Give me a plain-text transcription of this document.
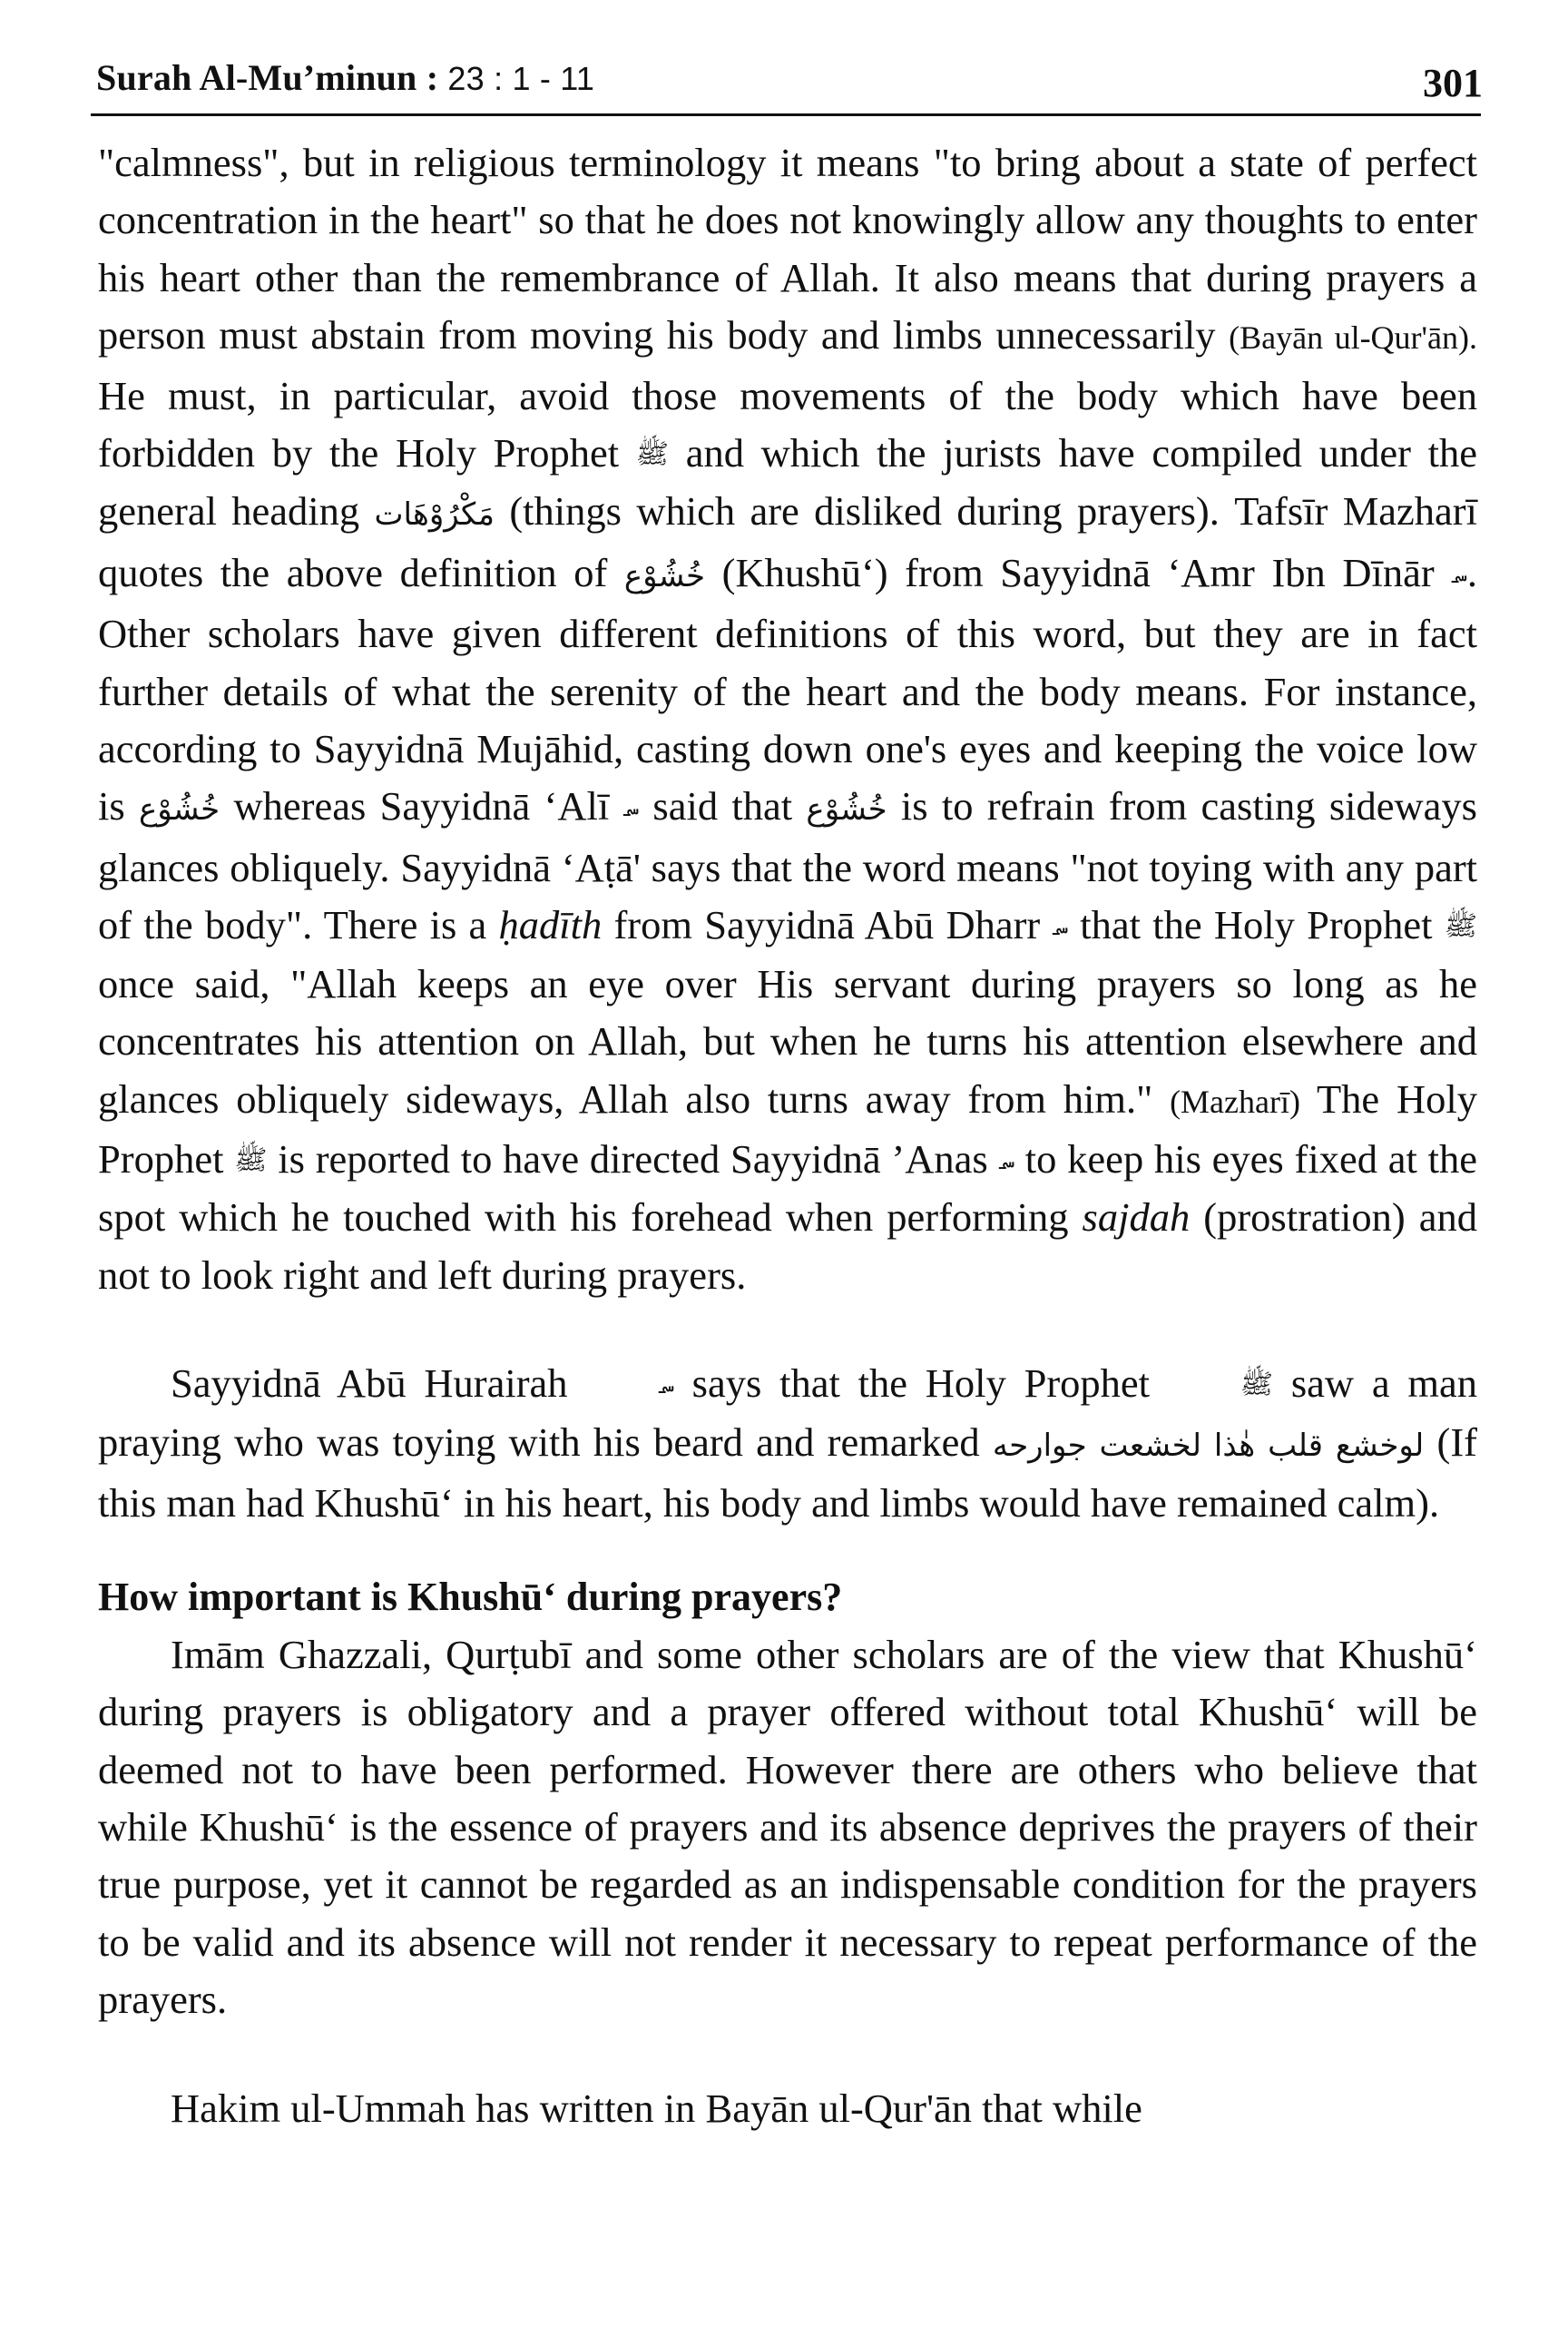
Surah Al-Mu’minun : 23 : 1 - 11	301

"calmness", but in religious terminology it means "to bring about a state of perfect concentration in the heart" so that he does not knowingly allow any thoughts to enter his heart other than the remembrance of Allah. It also means that during prayers a person must abstain from moving his body and limbs unnecessarily (Bayān ul-Qur'ān). He must, in particular, avoid those movements of the body which have been forbidden by the Holy Prophet ﷺ and which the jurists have compiled under the general heading مَكْرُوْهَات (things which are disliked during prayers). Tafsīr Mazharī quotes the above definition of خُشُوْع (Khushū‘) from Sayyidnā ‘Amr Ibn Dīnār ؄. Other scholars have given different definitions of this word, but they are in fact further details of what the serenity of the heart and the body means. For instance, according to Sayyidnā Mujāhid, casting down one's eyes and keeping the voice low is خُشُوْع whereas Sayyidnā ‘Alī ؄ said that خُشُوْع is to refrain from casting sideways glances obliquely. Sayyidnā ‘Aṭā' says that the word means "not toying with any part of the body". There is a ḥadīth from Sayyidnā Abū Dharr ؄ that the Holy Prophet ﷺ once said, "Allah keeps an eye over His servant during prayers so long as he concentrates his attention on Allah, but when he turns his attention elsewhere and glances obliquely sideways, Allah also turns away from him." (Mazharī) The Holy Prophet ﷺ is reported to have directed Sayyidnā ’Anas ؄ to keep his eyes fixed at the spot which he touched with his forehead when performing sajdah (prostration) and not to look right and left during prayers.

Sayyidnā Abū Hurairah	؄ says that the Holy Prophet	ﷺ saw a man praying who was toying with his beard and remarked	لوخشع قلب هٰذا لخشعت جوارحه	(If this man had Khushū‘ in his heart, his body and limbs would have remained calm).

How important is Khushū‘ during prayers?

Imām Ghazzali, Qurṭubī and some other scholars are of the view that Khushū‘ during prayers is obligatory and a prayer offered without total Khushū‘ will be deemed not to have been performed. However there are others who believe that while Khushū‘ is the essence of prayers and its absence deprives the prayers of their true purpose, yet it cannot be regarded as an indispensable condition for the prayers to be valid and its absence will not render it necessary to repeat performance of the prayers.

Hakim ul-Ummah has written in Bayān ul-Qur'ān that while
